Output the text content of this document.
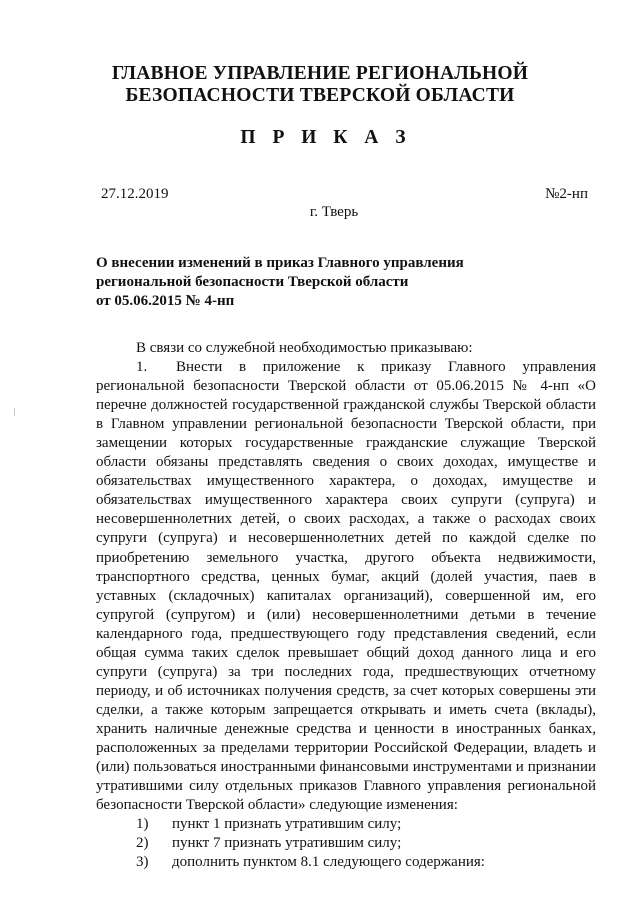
ГЛАВНОЕ УПРАВЛЕНИЕ РЕГИОНАЛЬНОЙ
БЕЗОПАСНОСТИ ТВЕРСКОЙ ОБЛАСТИ
П Р И К А З
27.12.2019	№2-нп
г. Тверь
О внесении изменений в приказ Главного управления
региональной безопасности Тверской области
от 05.06.2015 № 4-нп

В связи со служебной необходимостью приказываю:

1. Внести в приложение к приказу Главного управления региональной безопасности Тверской области от 05.06.2015 № 4-нп «О перечне должностей государственной гражданской службы Тверской области в Главном управлении региональной безопасности Тверской области, при замещении которых государственные гражданские служащие Тверской области обязаны представлять сведения о своих доходах, имуществе и обязательствах имущественного характера, о доходах, имуществе и обязательствах имущественного характера своих супруги (супруга) и несовершеннолетних детей, о своих расходах, а также о расходах своих супруги (супруга) и несовершеннолетних детей по каждой сделке по приобретению земельного участка, другого объекта недвижимости, транспортного средства, ценных бумаг, акций (долей участия, паев в уставных (складочных) капиталах организаций), совершенной им, его супругой (супругом) и (или) несовершеннолетними детьми в течение календарного года, предшествующего году представления сведений, если общая сумма таких сделок превышает общий доход данного лица и его супруги (супруга) за три последних года, предшествующих отчетному периоду, и об источниках получения средств, за счет которых совершены эти сделки, а также которым запрещается открывать и иметь счета (вклады), хранить наличные денежные средства и ценности в иностранных банках, расположенных за пределами территории Российской Федерации, владеть и (или) пользоваться иностранными финансовыми инструментами и признании утратившими силу отдельных приказов Главного управления региональной безопасности Тверской области» следующие изменения:

1)	пункт 1 признать утратившим силу;
2)	пункт 7 признать утратившим силу;
3)	дополнить пунктом 8.1 следующего содержания:
